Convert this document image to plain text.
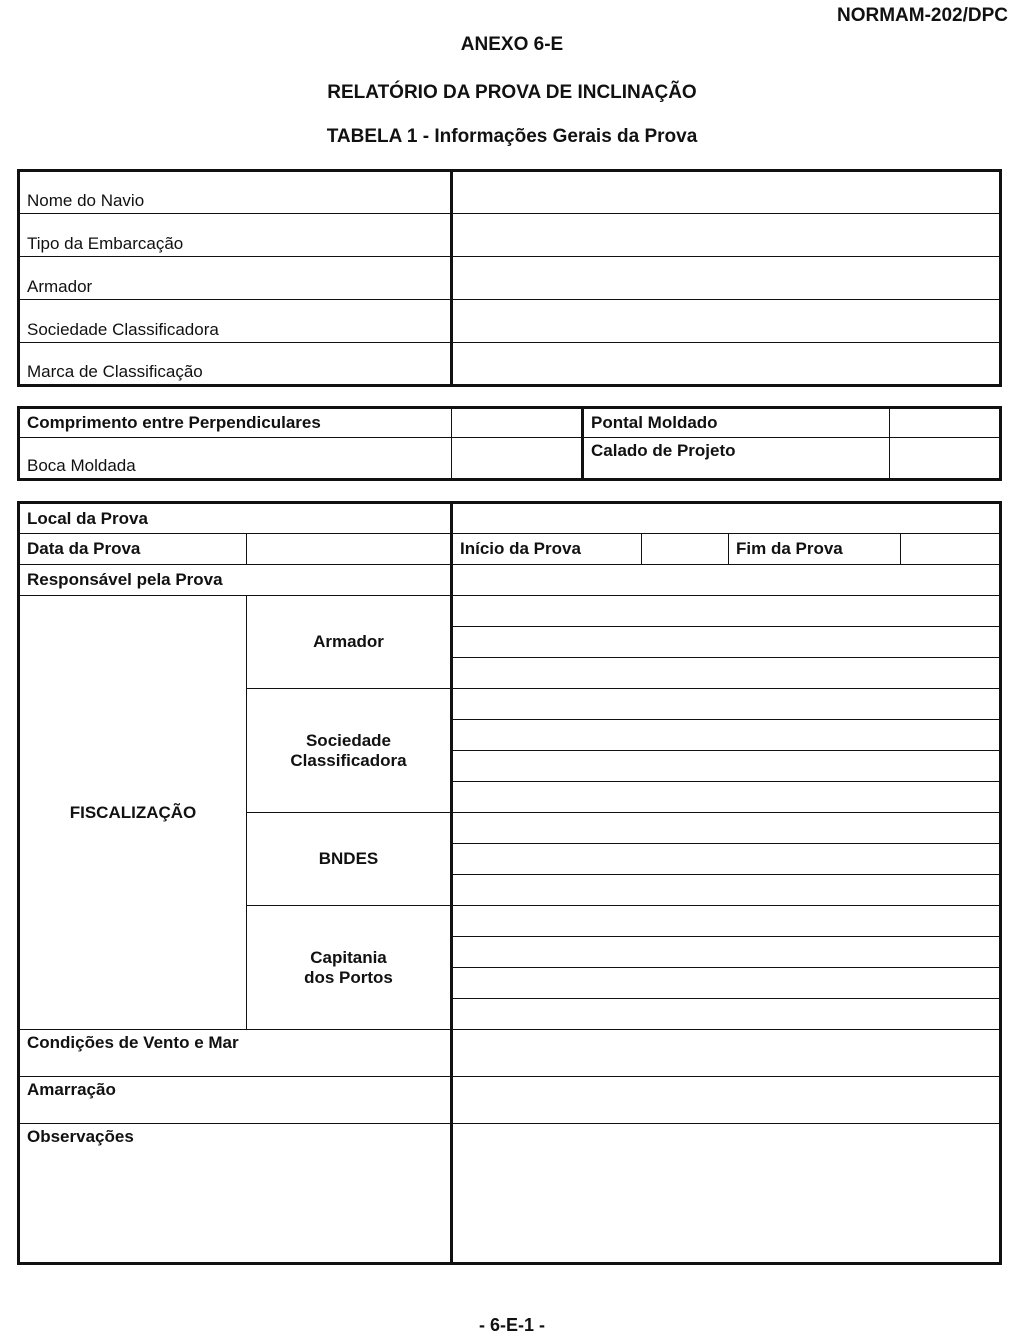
NORMAM-202/DPC
ANEXO 6-E
RELATÓRIO DA PROVA DE INCLINAÇÃO
TABELA 1 - Informações Gerais da Prova
Nome do Navio	
Tipo da Embarcação	
Armador	
Sociedade Classificadora	
Marca de Classificação	
Comprimento entre Perpendiculares		Pontal Moldado	
Boca Moldada		Calado de Projeto	
Local da Prova					
Data da Prova		Início da Prova		Fim da Prova	
Responsável pela Prova					
FISCALIZAÇÃO	Armador				

	Sociedade
Classificadora				

	BNDES				

	Capitania
dos Portos				

Condições de Vento e Mar					
Amarração					
Observações					
- 6-E-1 -
